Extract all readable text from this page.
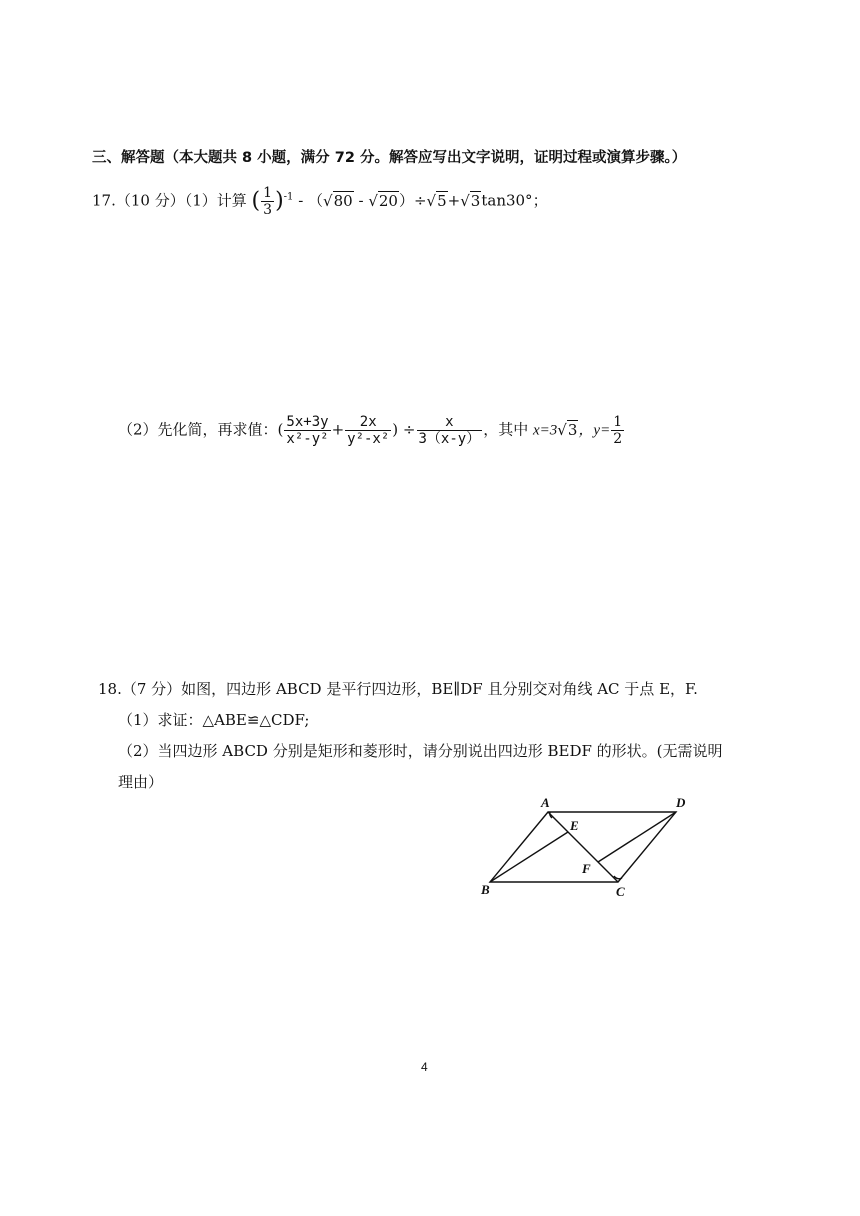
三、解答题（本大题共 8 小题，满分 72 分。解答应写出文字说明，证明过程或演算步骤。）
17.（10 分）（1）计算 ( $\frac{1}{3} )^{-1} - (√80 - √20)\div√5+√3\tan 30^\circ$；
（2）先化简，再求值：( $\frac{5x+3y}{\text{x²-y²}} + \frac{2x}{\text{y²-x²}}$ ) ÷ $\frac{x}{3(x-y)}$ ，其中 x=3√3，$y= \frac{1}{2}$
18.（7 分）如图，四边形 ABCD 是平行四边形，BE∥DF 且分别交对角线 AC 于点 E，F.
（1）求证：△ABE≌△CDF;
（2）当四边形 ABCD 分别是矩形和菱形时，请分别说出四边形 BEDF 的形状。(无需说明
理由）
A	D
E
F
B	C
4
